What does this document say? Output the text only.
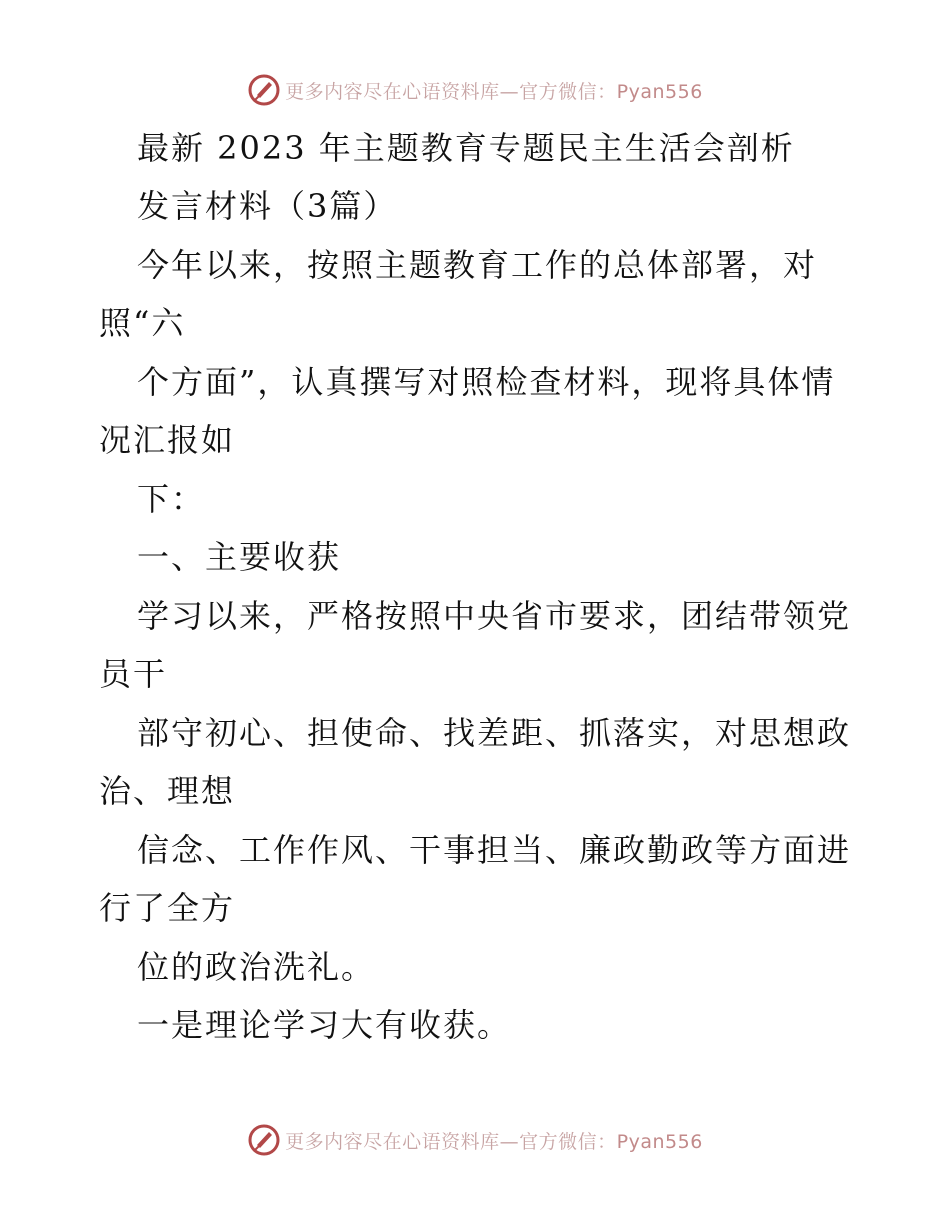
更多内容尽在心语资料库—官方微信：Pyan556
最新 2023 年主题教育专题民主生活会剖析
发言材料（3篇）
今年以来，按照主题教育工作的总体部署，对
照“六
个方面”，认真撰写对照检查材料，现将具体情
况汇报如
下：
一、主要收获
学习以来，严格按照中央省市要求，团结带领党
员干
部守初心、担使命、找差距、抓落实，对思想政
治、理想
信念、工作作风、干事担当、廉政勤政等方面进
行了全方
位的政治洗礼。
一是理论学习大有收获。
更多内容尽在心语资料库—官方微信：Pyan556
